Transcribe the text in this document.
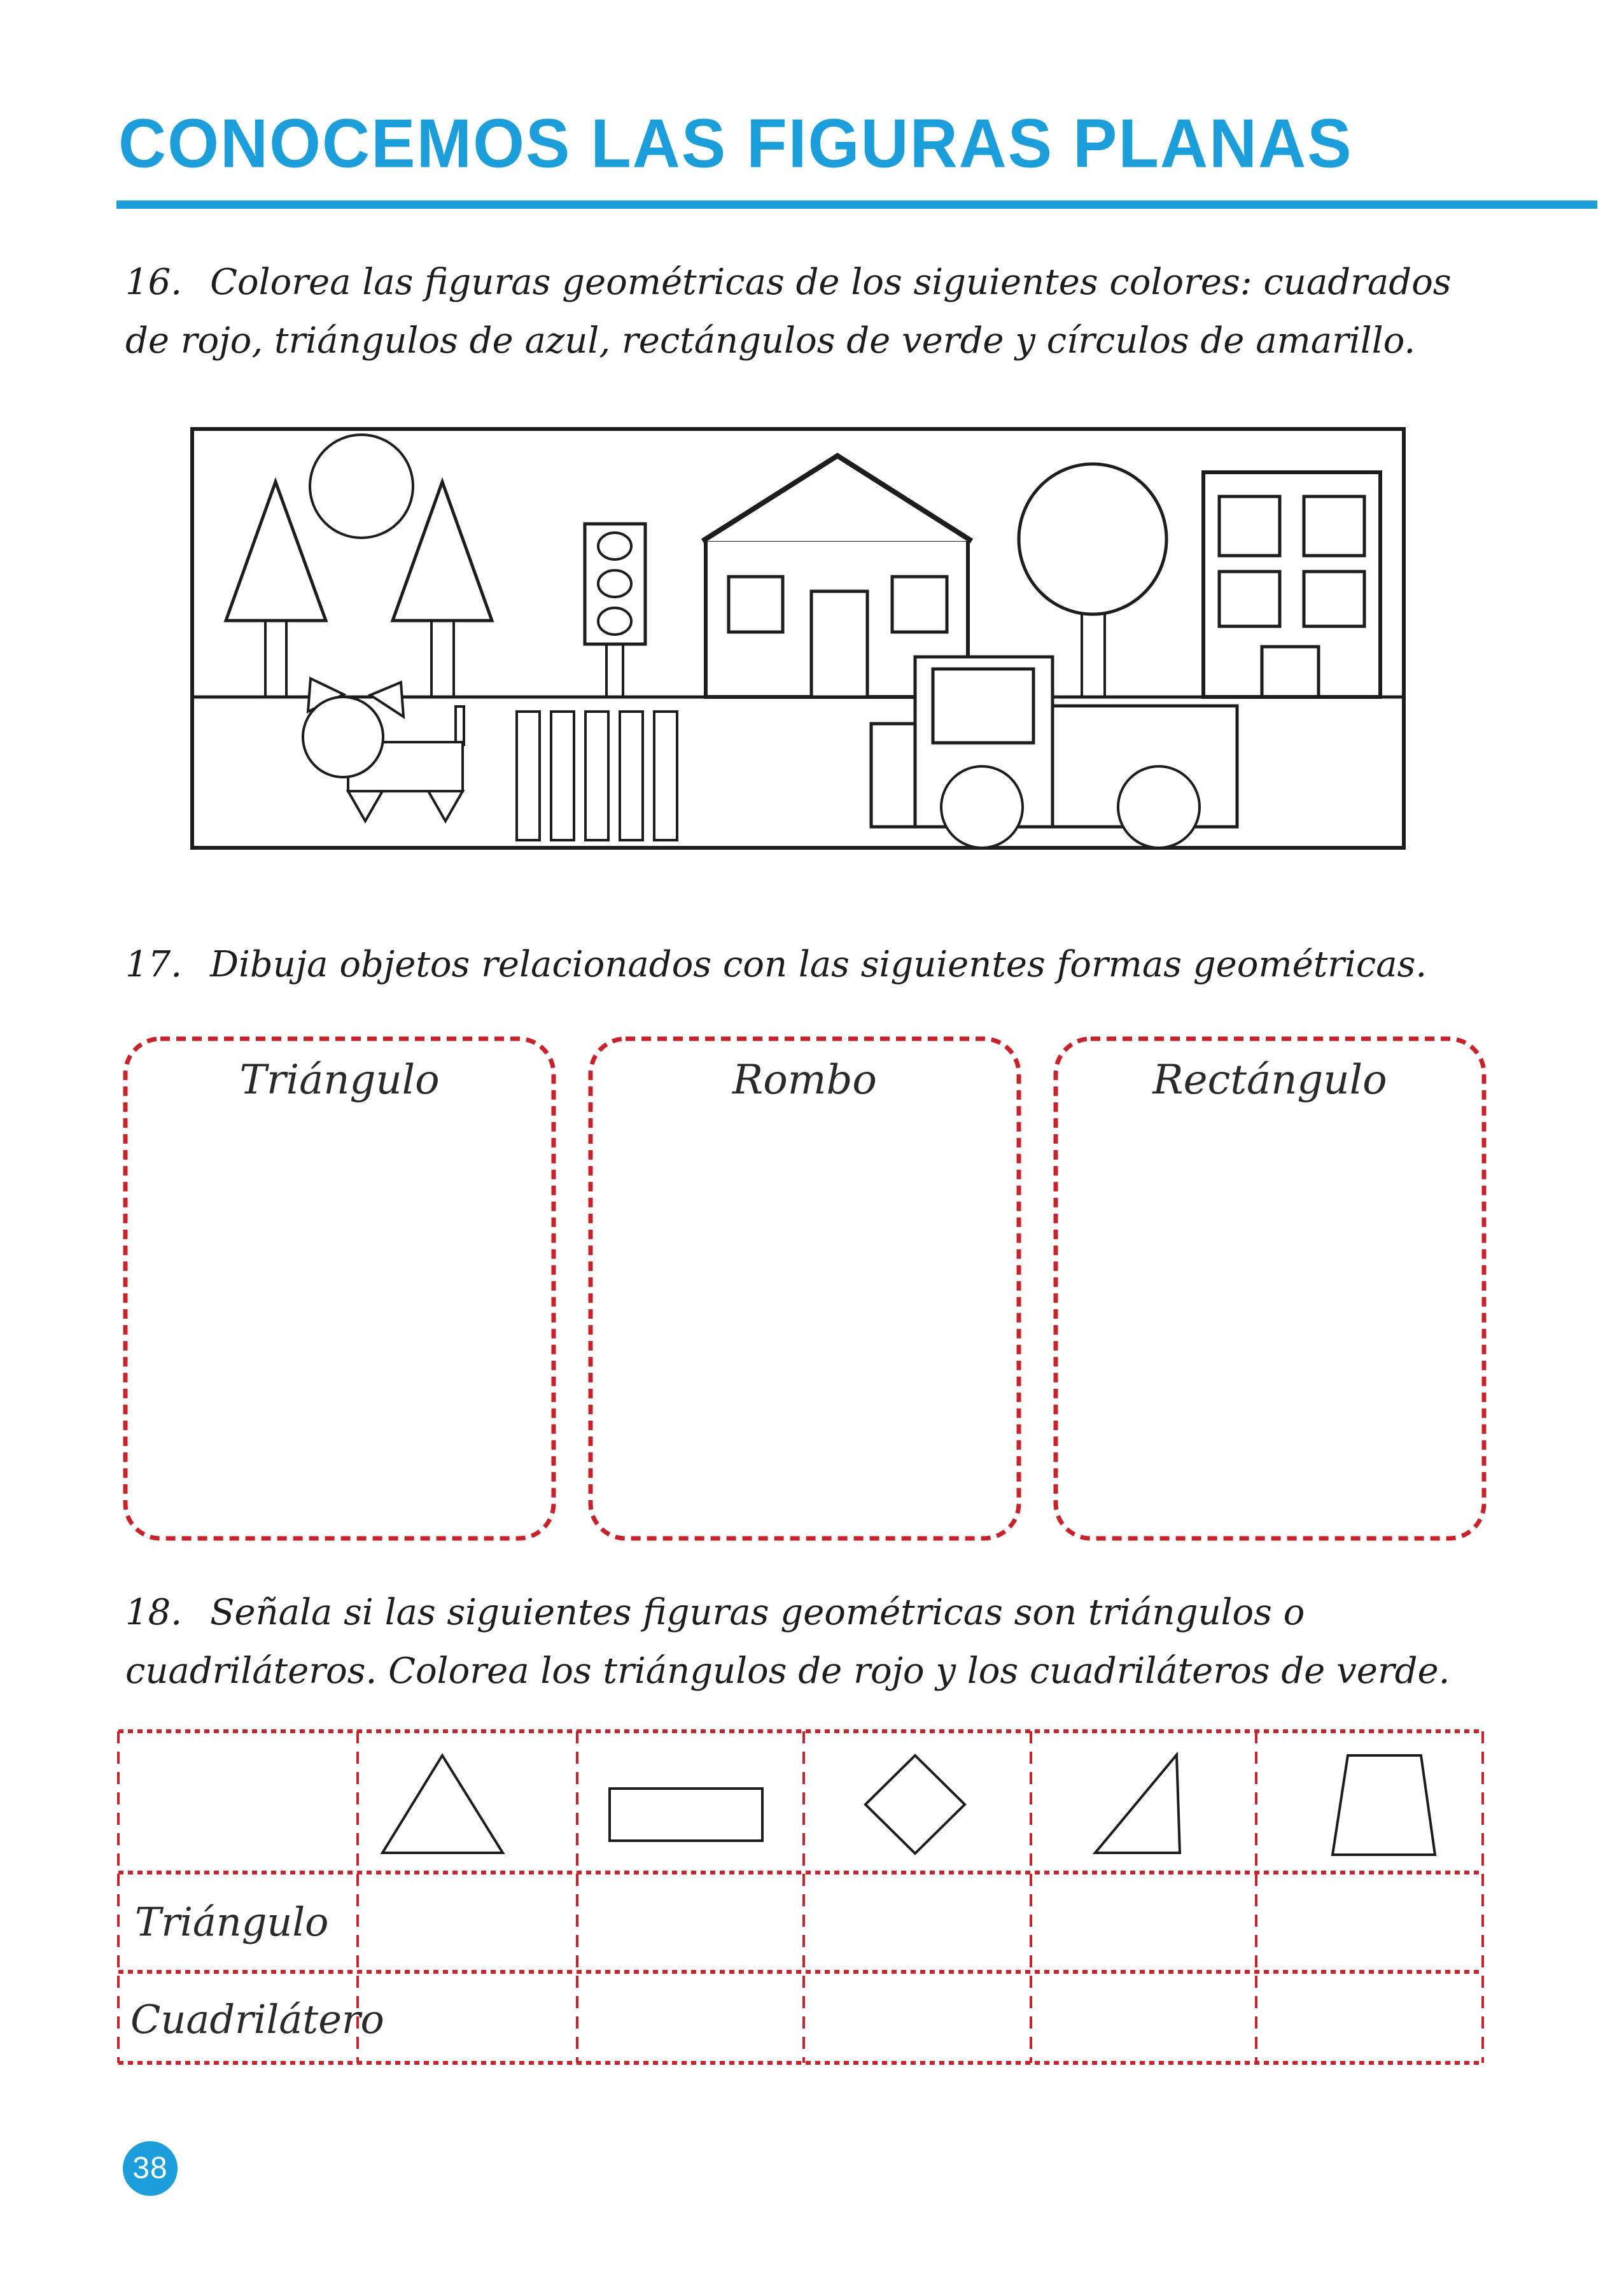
CONOCEMOS LAS FIGURAS PLANAS
16. Colorea las figuras geométricas de los siguientes colores: cuadrados
de rojo, triángulos de azul, rectángulos de verde y círculos de amarillo.
17. Dibuja objetos relacionados con las siguientes formas geométricas.
Triángulo	Rombo	Rectángulo
18. Señala si las siguientes figuras geométricas son triángulos o
cuadriláteros. Colorea los triángulos de rojo y los cuadriláteros de verde.
Triángulo
Cuadrilátero
38
